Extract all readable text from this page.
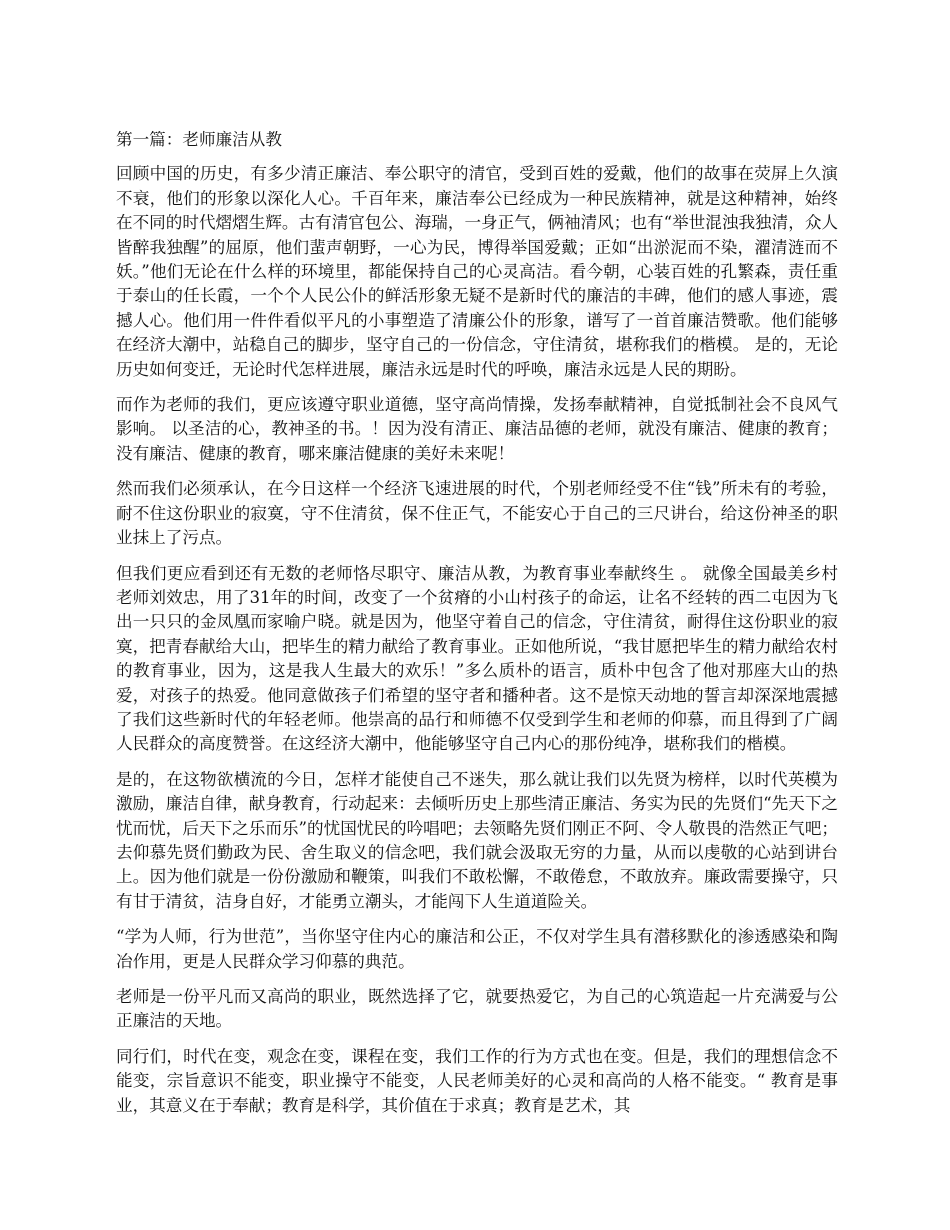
第一篇：老师廉洁从教

回顾中国的历史，有多少清正廉洁、奉公职守的清官，受到百姓的爱戴，他们的故事在荧屏上久演不衰，他们的形象以深化人心。千百年来，廉洁奉公已经成为一种民族精神，就是这种精神，始终在不同的时代熠熠生辉。古有清官包公、海瑞，一身正气，俩袖清风；也有“举世混浊我独清，众人皆醉我独醒”的屈原，他们蜚声朝野，一心为民，博得举国爱戴；正如“出淤泥而不染，濯清涟而不妖。”他们无论在什么样的环境里，都能保持自己的心灵高洁。看今朝，心装百姓的孔繁森，责任重于泰山的任长霞，一个个人民公仆的鲜活形象无疑不是新时代的廉洁的丰碑，他们的感人事迹，震撼人心。他们用一件件看似平凡的小事塑造了清廉公仆的形象，谱写了一首首廉洁赞歌。他们能够在经济大潮中，站稳自己的脚步，坚守自己的一份信念，守住清贫，堪称我们的楷模。 是的，无论历史如何变迁，无论时代怎样进展，廉洁永远是时代的呼唤，廉洁永远是人民的期盼。

而作为老师的我们，更应该遵守职业道德，坚守高尚情操，发扬奉献精神，自觉抵制社会不良风气影响。 以圣洁的心，教神圣的书。！因为没有清正、廉洁品德的老师，就没有廉洁、健康的教育；没有廉洁、健康的教育，哪来廉洁健康的美好未来呢！

然而我们必须承认，在今日这样一个经济飞速进展的时代，个别老师经受不住“钱”所未有的考验，耐不住这份职业的寂寞，守不住清贫，保不住正气，不能安心于自己的三尺讲台，给这份神圣的职业抹上了污点。

但我们更应看到还有无数的老师恪尽职守、廉洁从教，为教育事业奉献终生 。 就像全国最美乡村老师刘效忠，用了31年的时间，改变了一个贫瘠的小山村孩子的命运，让名不经转的西二屯因为飞出一只只的金凤凰而家喻户晓。就是因为，他坚守着自己的信念，守住清贫，耐得住这份职业的寂寞，把青春献给大山，把毕生的精力献给了教育事业。正如他所说，“我甘愿把毕生的精力献给农村的教育事业，因为，这是我人生最大的欢乐！”多么质朴的语言，质朴中包含了他对那座大山的热爱，对孩子的热爱。他同意做孩子们希望的坚守者和播种者。这不是惊天动地的誓言却深深地震撼了我们这些新时代的年轻老师。他崇高的品行和师德不仅受到学生和老师的仰慕，而且得到了广阔人民群众的高度赞誉。在这经济大潮中，他能够坚守自己内心的那份纯净，堪称我们的楷模。

是的，在这物欲横流的今日，怎样才能使自己不迷失，那么就让我们以先贤为榜样，以时代英模为激励，廉洁自律，献身教育，行动起来：去倾听历史上那些清正廉洁、务实为民的先贤们“先天下之忧而忧，后天下之乐而乐”的忧国忧民的吟唱吧；去领略先贤们刚正不阿、令人敬畏的浩然正气吧；去仰慕先贤们勤政为民、舍生取义的信念吧，我们就会汲取无穷的力量，从而以虔敬的心站到讲台上。因为他们就是一份份激励和鞭策，叫我们不敢松懈，不敢倦怠，不敢放弃。廉政需要操守，只有甘于清贫，洁身自好，才能勇立潮头，才能闯下人生道道险关。

“学为人师，行为世范”，当你坚守住内心的廉洁和公正，不仅对学生具有潜移默化的渗透感染和陶冶作用，更是人民群众学习仰慕的典范。

老师是一份平凡而又高尚的职业，既然选择了它，就要热爱它，为自己的心筑造起一片充满爱与公正廉洁的天地。

同行们，时代在变，观念在变，课程在变，我们工作的行为方式也在变。但是，我们的理想信念不能变，宗旨意识不能变，职业操守不能变，人民老师美好的心灵和高尚的人格不能变。“ 教育是事业，其意义在于奉献；教育是科学，其价值在于求真；教育是艺术，其
